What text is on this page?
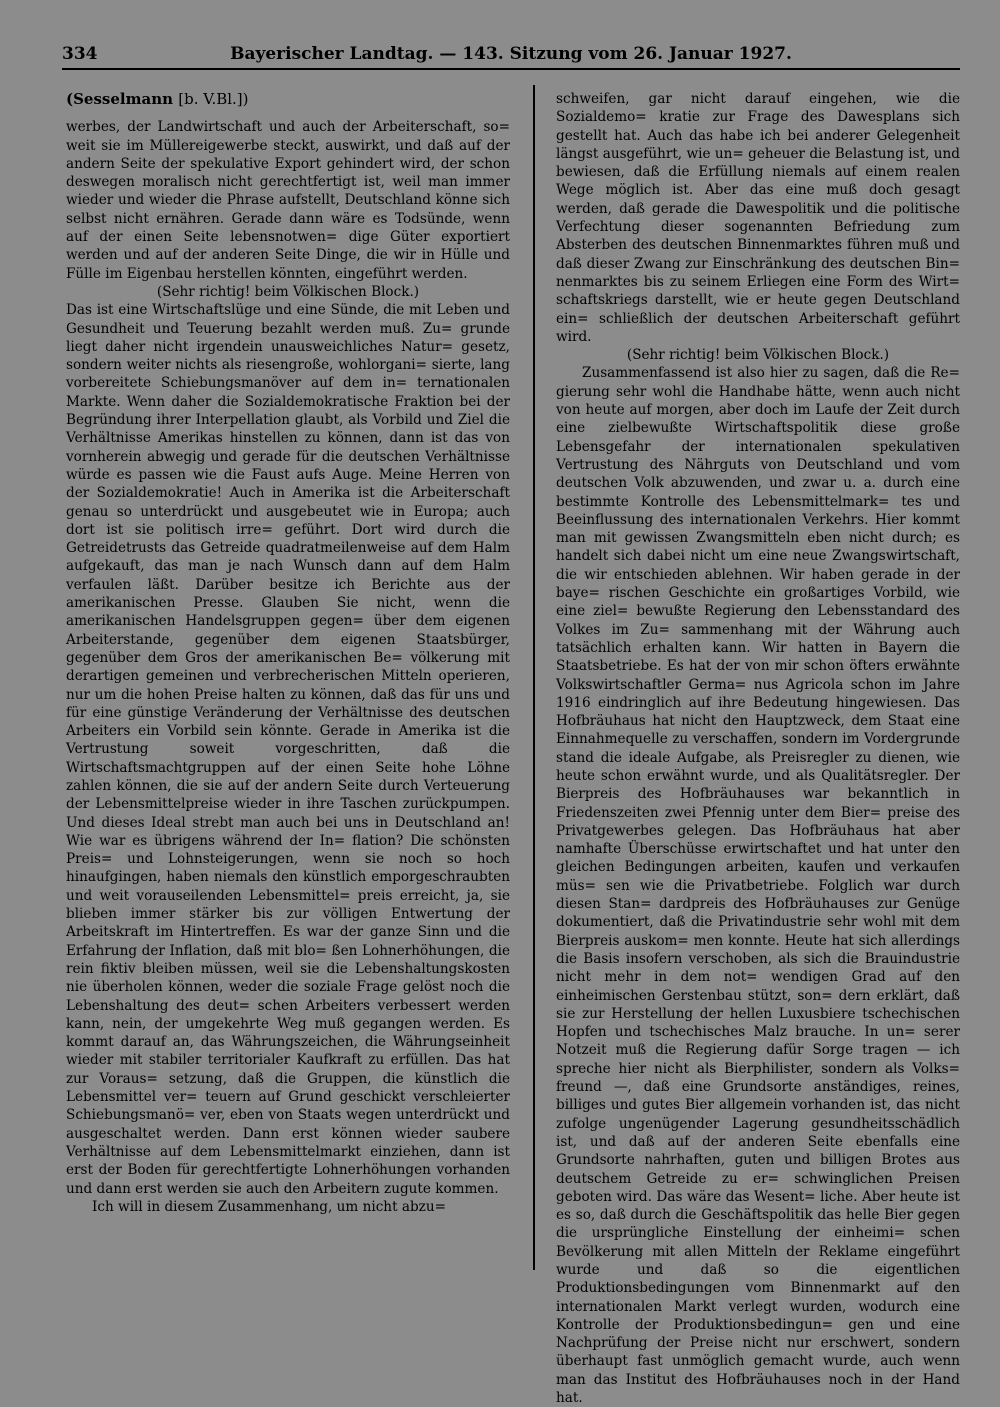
334	Bayerischer Landtag. — 143. Sitzung vom 26. Januar 1927.
(Sesselmann [b. V.Bl.])

werbes, der Landwirtschaft und auch der Arbeiterschaft, so= weit sie im Müllereigewerbe steckt, auswirkt, und daß auf der andern Seite der spekulative Export gehindert wird, der schon deswegen moralisch nicht gerechtfertigt ist, weil man immer wieder und wieder die Phrase aufstellt, Deutschland könne sich selbst nicht ernähren. Gerade dann wäre es Todsünde, wenn auf der einen Seite lebensnotwen= dige Güter exportiert werden und auf der anderen Seite Dinge, die wir in Hülle und Fülle im Eigenbau herstellen könnten, eingeführt werden.

(Sehr richtig! beim Völkischen Block.)

Das ist eine Wirtschaftslüge und eine Sünde, die mit Leben und Gesundheit und Teuerung bezahlt werden muß. Zu= grunde liegt daher nicht irgendein unausweichliches Natur= gesetz, sondern weiter nichts als riesengroße, wohlorgani= sierte, lang vorbereitete Schiebungsmanöver auf dem in= ternationalen Markte. Wenn daher die Sozialdemokratische Fraktion bei der Begründung ihrer Interpellation glaubt, als Vorbild und Ziel die Verhältnisse Amerikas hinstellen zu können, dann ist das von vornherein abwegig und gerade für die deutschen Verhältnisse würde es passen wie die Faust aufs Auge. Meine Herren von der Sozialdemokratie! Auch in Amerika ist die Arbeiterschaft genau so unterdrückt und ausgebeutet wie in Europa; auch dort ist sie politisch irre= geführt. Dort wird durch die Getreidetrusts das Getreide quadratmeilenweise auf dem Halm aufgekauft, das man je nach Wunsch dann auf dem Halm verfaulen läßt. Darüber besitze ich Berichte aus der amerikanischen Presse. Glauben Sie nicht, wenn die amerikanischen Handelsgruppen gegen= über dem eigenen Arbeiterstande, gegenüber dem eigenen Staatsbürger, gegenüber dem Gros der amerikanischen Be= völkerung mit derartigen gemeinen und verbrecherischen Mitteln operieren, nur um die hohen Preise halten zu können, daß das für uns und für eine günstige Veränderung der Verhältnisse des deutschen Arbeiters ein Vorbild sein könnte. Gerade in Amerika ist die Vertrustung soweit vorgeschritten, daß die Wirtschaftsmachtgruppen auf der einen Seite hohe Löhne zahlen können, die sie auf der andern Seite durch Verteuerung der Lebensmittelpreise wieder in ihre Taschen zurückpumpen. Und dieses Ideal strebt man auch bei uns in Deutschland an! Wie war es übrigens während der In= flation? Die schönsten Preis= und Lohnsteigerungen, wenn sie noch so hoch hinaufgingen, haben niemals den künstlich emporgeschraubten und weit vorauseilenden Lebensmittel= preis erreicht, ja, sie blieben immer stärker bis zur völligen Entwertung der Arbeitskraft im Hintertreffen. Es war der ganze Sinn und die Erfahrung der Inflation, daß mit blo= ßen Lohnerhöhungen, die rein fiktiv bleiben müssen, weil sie die Lebenshaltungskosten nie überholen können, weder die soziale Frage gelöst noch die Lebenshaltung des deut= schen Arbeiters verbessert werden kann, nein, der umgekehrte Weg muß gegangen werden. Es kommt darauf an, das Währungszeichen, die Währungseinheit wieder mit stabiler territorialer Kaufkraft zu erfüllen. Das hat zur Voraus= setzung, daß die Gruppen, die künstlich die Lebensmittel ver= teuern auf Grund geschickt verschleierter Schiebungsmanö= ver, eben von Staats wegen unterdrückt und ausgeschaltet werden. Dann erst können wieder saubere Verhältnisse auf dem Lebensmittelmarkt einziehen, dann ist erst der Boden für gerechtfertigte Lohnerhöhungen vorhanden und dann erst werden sie auch den Arbeitern zugute kommen.

Ich will in diesem Zusammenhang, um nicht abzu=

schweifen, gar nicht darauf eingehen, wie die Sozialdemo= kratie zur Frage des Dawesplans sich gestellt hat. Auch das habe ich bei anderer Gelegenheit längst ausgeführt, wie un= geheuer die Belastung ist, und bewiesen, daß die Erfüllung niemals auf einem realen Wege möglich ist. Aber das eine muß doch gesagt werden, daß gerade die Dawespolitik und die politische Verfechtung dieser sogenannten Befriedung zum Absterben des deutschen Binnenmarktes führen muß und daß dieser Zwang zur Einschränkung des deutschen Bin= nenmarktes bis zu seinem Erliegen eine Form des Wirt= schaftskriegs darstellt, wie er heute gegen Deutschland ein= schließlich der deutschen Arbeiterschaft geführt wird.

(Sehr richtig! beim Völkischen Block.)

Zusammenfassend ist also hier zu sagen, daß die Re= gierung sehr wohl die Handhabe hätte, wenn auch nicht von heute auf morgen, aber doch im Laufe der Zeit durch eine zielbewußte Wirtschaftspolitik diese große Lebensgefahr der internationalen spekulativen Vertrustung des Nährguts von Deutschland und vom deutschen Volk abzuwenden, und zwar u. a. durch eine bestimmte Kontrolle des Lebensmittelmark= tes und Beeinflussung des internationalen Verkehrs. Hier kommt man mit gewissen Zwangsmitteln eben nicht durch; es handelt sich dabei nicht um eine neue Zwangswirtschaft, die wir entschieden ablehnen. Wir haben gerade in der baye= rischen Geschichte ein großartiges Vorbild, wie eine ziel= bewußte Regierung den Lebensstandard des Volkes im Zu= sammenhang mit der Währung auch tatsächlich erhalten kann. Wir hatten in Bayern die Staatsbetriebe. Es hat der von mir schon öfters erwähnte Volkswirtschaftler Germa= nus Agricola schon im Jahre 1916 eindringlich auf ihre Bedeutung hingewiesen. Das Hofbräuhaus hat nicht den Hauptzweck, dem Staat eine Einnahmequelle zu verschaffen, sondern im Vordergrunde stand die ideale Aufgabe, als Preisregler zu dienen, wie heute schon erwähnt wurde, und als Qualitätsregler. Der Bierpreis des Hofbräuhauses war bekanntlich in Friedenszeiten zwei Pfennig unter dem Bier= preise des Privatgewerbes gelegen. Das Hofbräuhaus hat aber namhafte Überschüsse erwirtschaftet und hat unter den gleichen Bedingungen arbeiten, kaufen und verkaufen müs= sen wie die Privatbetriebe. Folglich war durch diesen Stan= dardpreis des Hofbräuhauses zur Genüge dokumentiert, daß die Privatindustrie sehr wohl mit dem Bierpreis auskom= men konnte. Heute hat sich allerdings die Basis insofern verschoben, als sich die Brauindustrie nicht mehr in dem not= wendigen Grad auf den einheimischen Gerstenbau stützt, son= dern erklärt, daß sie zur Herstellung der hellen Luxusbiere tschechischen Hopfen und tschechisches Malz brauche. In un= serer Notzeit muß die Regierung dafür Sorge tragen — ich spreche hier nicht als Bierphilister, sondern als Volks= freund —, daß eine Grundsorte anständiges, reines, billiges und gutes Bier allgemein vorhanden ist, das nicht zufolge ungenügender Lagerung gesundheitsschädlich ist, und daß auf der anderen Seite ebenfalls eine Grundsorte nahrhaften, guten und billigen Brotes aus deutschem Getreide zu er= schwinglichen Preisen geboten wird. Das wäre das Wesent= liche. Aber heute ist es so, daß durch die Geschäftspolitik das helle Bier gegen die ursprüngliche Einstellung der einheimi= schen Bevölkerung mit allen Mitteln der Reklame eingeführt wurde und daß so die eigentlichen Produktionsbedingungen vom Binnenmarkt auf den internationalen Markt verlegt wurden, wodurch eine Kontrolle der Produktionsbedingun= gen und eine Nachprüfung der Preise nicht nur erschwert, sondern überhaupt fast unmöglich gemacht wurde, auch wenn man das Institut des Hofbräuhauses noch in der Hand hat.
